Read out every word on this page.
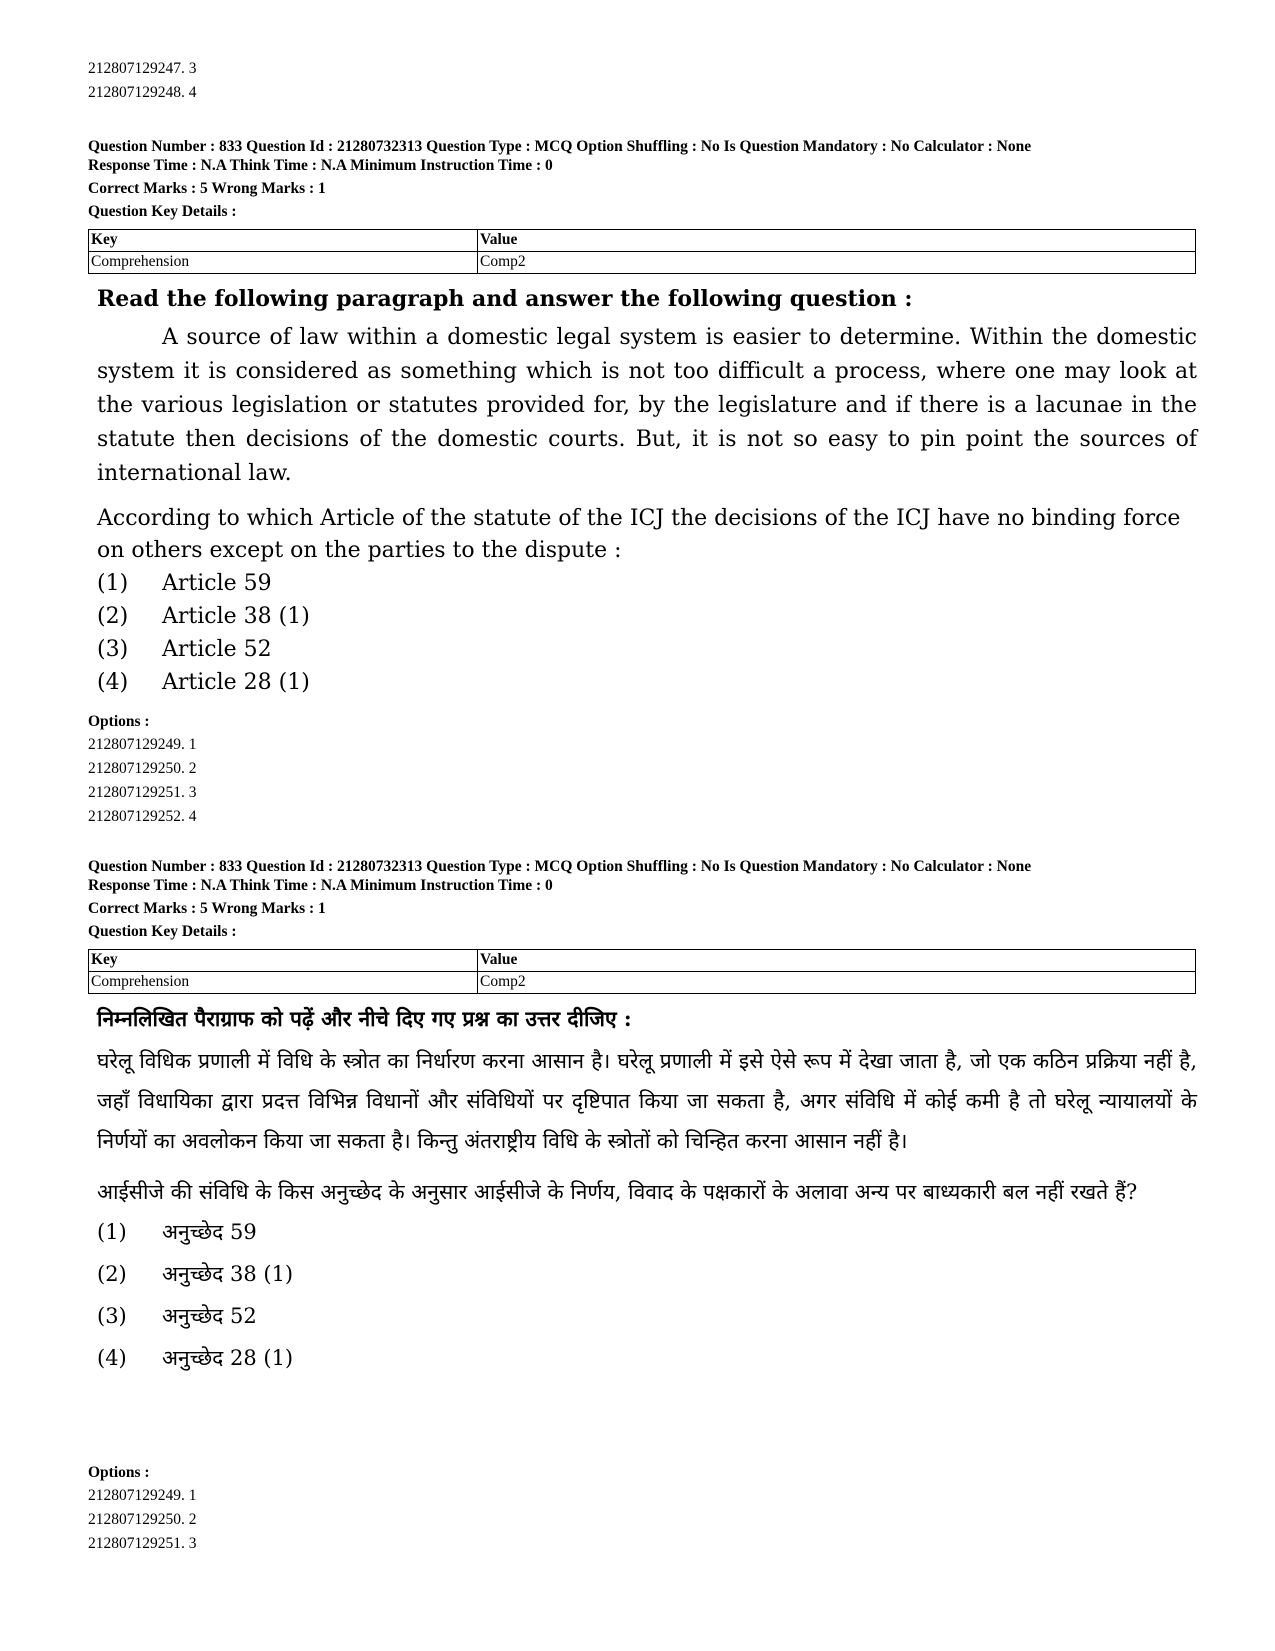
212807129247. 3
212807129248. 4
Question Number : 833 Question Id : 21280732313 Question Type : MCQ Option Shuffling : No Is Question Mandatory : No Calculator : None
Response Time : N.A Think Time : N.A Minimum Instruction Time : 0
Correct Marks : 5 Wrong Marks : 1
Question Key Details :
Key	Value
Comprehension	Comp2
Read the following paragraph and answer the following question :

A source of law within a domestic legal system is easier to determine. Within the domestic system it is considered as something which is not too difficult a process, where one may look at the various legislation or statutes provided for, by the legislature and if there is a lacunae in the statute then decisions of the domestic courts. But, it is not so easy to pin point the sources of international law.

According to which Article of the statute of the ICJ the decisions of the ICJ have no binding force on others except on the parties to the dispute :

(1)	Article 59
(2)	Article 38 (1)
(3)	Article 52
(4)	Article 28 (1)
Options :
212807129249. 1
212807129250. 2
212807129251. 3
212807129252. 4
Question Number : 833 Question Id : 21280732313 Question Type : MCQ Option Shuffling : No Is Question Mandatory : No Calculator : None
Response Time : N.A Think Time : N.A Minimum Instruction Time : 0
Correct Marks : 5 Wrong Marks : 1
Question Key Details :
Key	Value
Comprehension	Comp2
निम्नलिखित पैराग्राफ को पढ़ें और नीचे दिए गए प्रश्न का उत्तर दीजिए :

घरेलू विधिक प्रणाली में विधि के स्त्रोत का निर्धारण करना आसान है। घरेलू प्रणाली में इसे ऐसे रूप में देखा जाता है, जो एक कठिन प्रक्रिया नहीं है, जहाँ विधायिका द्वारा प्रदत्त विभिन्न विधानों और संविधियों पर दृष्टिपात किया जा सकता है, अगर संविधि में कोई कमी है तो घरेलू न्यायालयों के निर्णयों का अवलोकन किया जा सकता है। किन्तु अंतराष्ट्रीय विधि के स्त्रोतों को चिन्हित करना आसान नहीं है।

आईसीजे की संविधि के किस अनुच्छेद के अनुसार आईसीजे के निर्णय, विवाद के पक्षकारों के अलावा अन्य पर बाध्यकारी बल नहीं रखते हैं?

(1)	अनुच्छेद 59
(2)	अनुच्छेद 38 (1)
(3)	अनुच्छेद 52
(4)	अनुच्छेद 28 (1)
Options :
212807129249. 1
212807129250. 2
212807129251. 3
